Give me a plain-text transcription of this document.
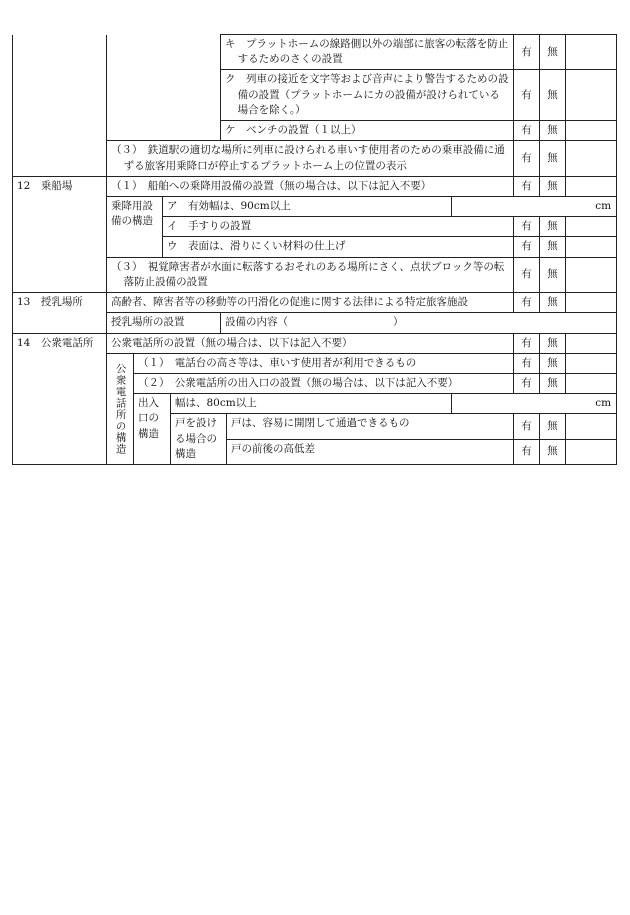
					キ　プラットホームの線路側以外の端部に旅客の転落を防止するためのさくの設置			有	無	

					ク　列車の接近を文字等および音声により警告するための設備の設置（プラットホームにカの設備が設けられている場合を除く。）			有	無	

					ケ　ベンチの設置（１以上）			有	無	

	（３）　鉄道駅の適切な場所に列車に設けられる車いす使用者のための乗車設備に通ずる旅客用乗降口が停止するプラットホーム上の位置の表示							有	無	
12　乗船場	（１）　船舶への乗降用設備の設置（無の場合は、以下は記入不要）							有	無	
	乗降用設備の構造		ア　有効幅は、90cm以上				cm			
			イ　手すりの設置					有	無	
			ウ　表面は、滑りにくい材料の仕上げ					有	無	

	（３）　視覚障害者が水面に転落するおそれのある場所にさく、点状ブロック等の転落防止設備の設置							有	無	
13　授乳場所	高齢者、障害者等の移動等の円滑化の促進に関する法律による特定旅客施設							有	無	
	授乳場所の設置				設備の内容（　　　　　　　　　　）					
14　公衆電話所	公衆電話所の設置（無の場合は、以下は記入不要）							有	無	

	公衆電話所の構造	（１）　電話台の高さ等は、車いす使用者が利用できるもの						有	無	
		（２）　公衆電話所の出入口の設置（無の場合は、以下は記入不要）						有	無	
		出入口の構造		幅は、80cm以上			cm			
				戸を設ける場合の構造		戸は、容易に開閉して通過できるもの		有	無	
						戸の前後の高低差		有	無	
